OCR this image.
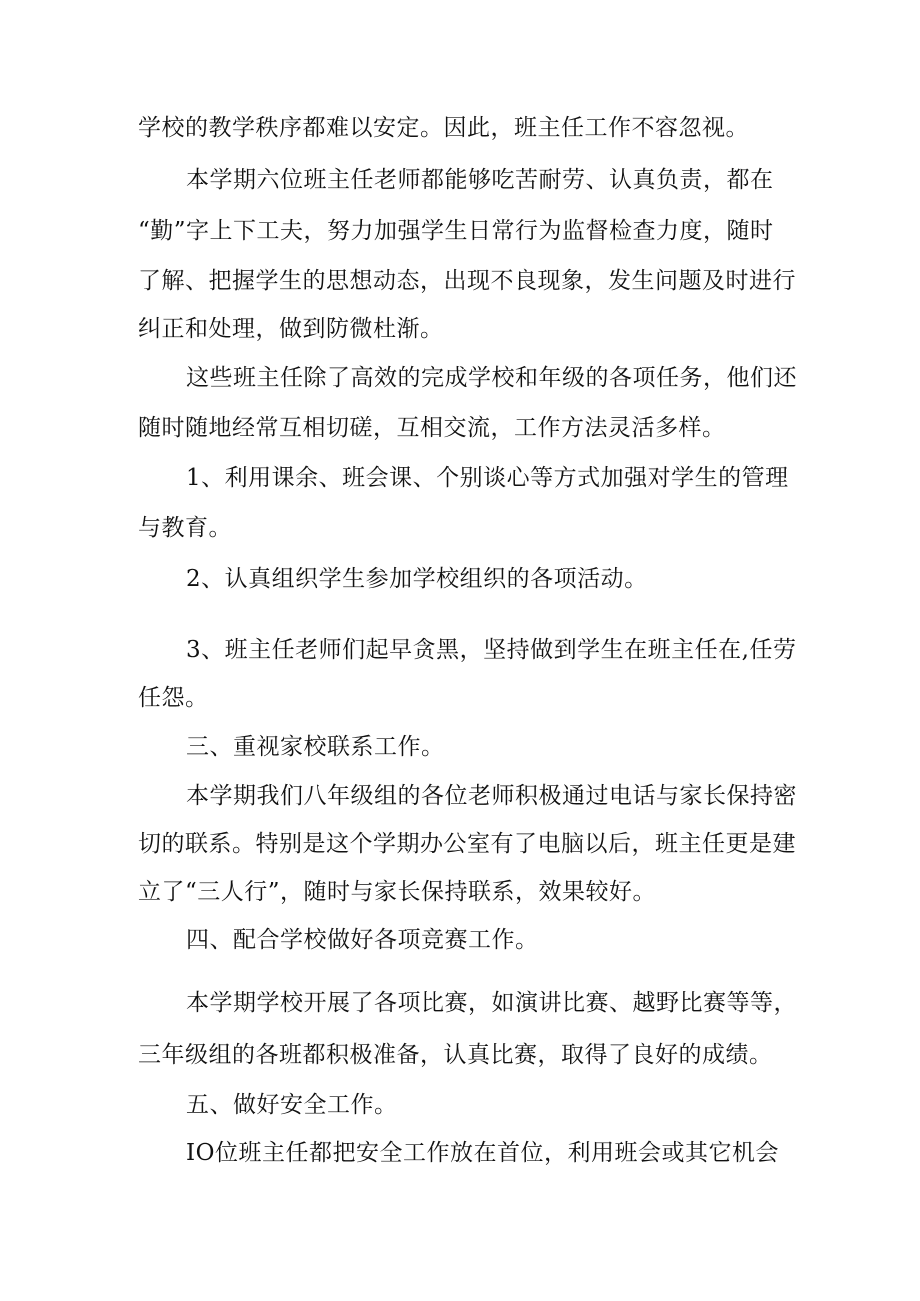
学校的教学秩序都难以安定。因此，班主任工作不容忽视。
本学期六位班主任老师都能够吃苦耐劳、认真负责，都在
“勤”字上下工夫，努力加强学生日常行为监督检查力度，随时
了解、把握学生的思想动态，出现不良现象，发生问题及时进行
纠正和处理，做到防微杜渐。
这些班主任除了高效的完成学校和年级的各项任务，他们还
随时随地经常互相切磋，互相交流，工作方法灵活多样。
1、利用课余、班会课、个别谈心等方式加强对学生的管理
与教育。
2、认真组织学生参加学校组织的各项活动。
3、班主任老师们起早贪黑，坚持做到学生在班主任在,任劳
任怨。
三、重视家校联系工作。
本学期我们八年级组的各位老师积极通过电话与家长保持密
切的联系。特别是这个学期办公室有了电脑以后，班主任更是建
立了“三人行”，随时与家长保持联系，效果较好。
四、配合学校做好各项竞赛工作。
本学期学校开展了各项比赛，如演讲比赛、越野比赛等等，
三年级组的各班都积极准备，认真比赛，取得了良好的成绩。
五、做好安全工作。
IO位班主任都把安全工作放在首位，利用班会或其它机会
